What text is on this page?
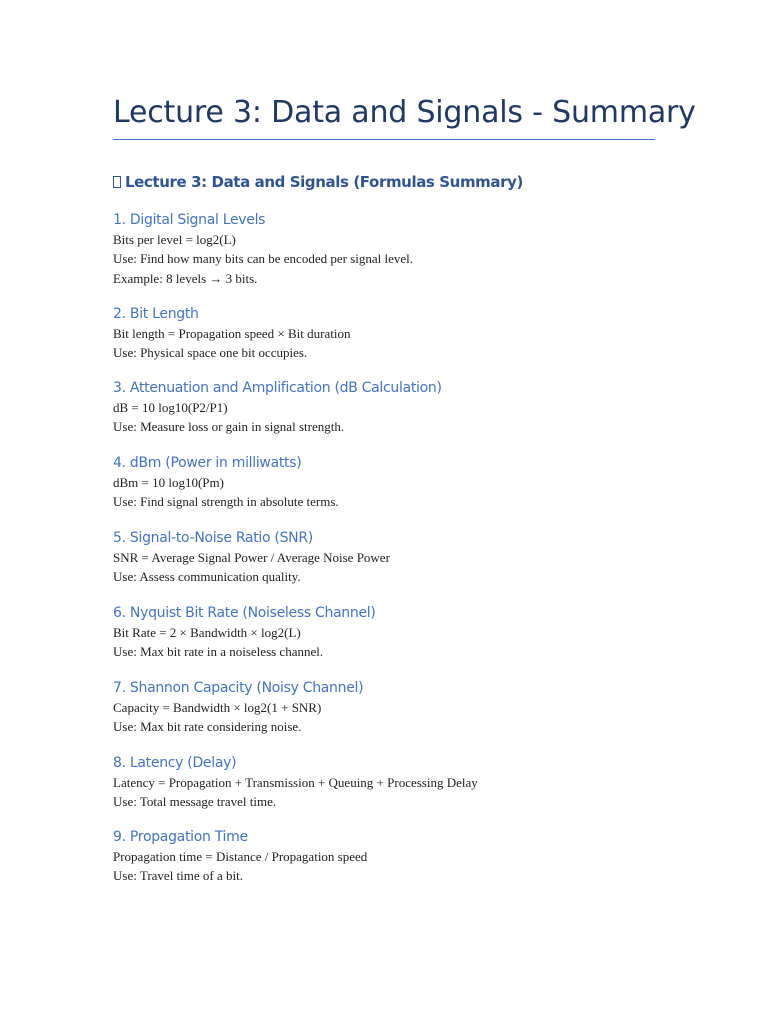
Lecture 3: Data and Signals - Summary
Lecture 3: Data and Signals (Formulas Summary)
1. Digital Signal Levels

Bits per level = log2(L)

Use: Find how many bits can be encoded per signal level.

Example: 8 levels → 3 bits.

2. Bit Length

Bit length = Propagation speed × Bit duration

Use: Physical space one bit occupies.

3. Attenuation and Amplification (dB Calculation)

dB = 10 log10(P2/P1)

Use: Measure loss or gain in signal strength.

4. dBm (Power in milliwatts)

dBm = 10 log10(Pm)

Use: Find signal strength in absolute terms.

5. Signal-to-Noise Ratio (SNR)

SNR = Average Signal Power / Average Noise Power

Use: Assess communication quality.

6. Nyquist Bit Rate (Noiseless Channel)

Bit Rate = 2 × Bandwidth × log2(L)

Use: Max bit rate in a noiseless channel.

7. Shannon Capacity (Noisy Channel)

Capacity = Bandwidth × log2(1 + SNR)

Use: Max bit rate considering noise.

8. Latency (Delay)

Latency = Propagation + Transmission + Queuing + Processing Delay

Use: Total message travel time.

9. Propagation Time

Propagation time = Distance / Propagation speed

Use: Travel time of a bit.
